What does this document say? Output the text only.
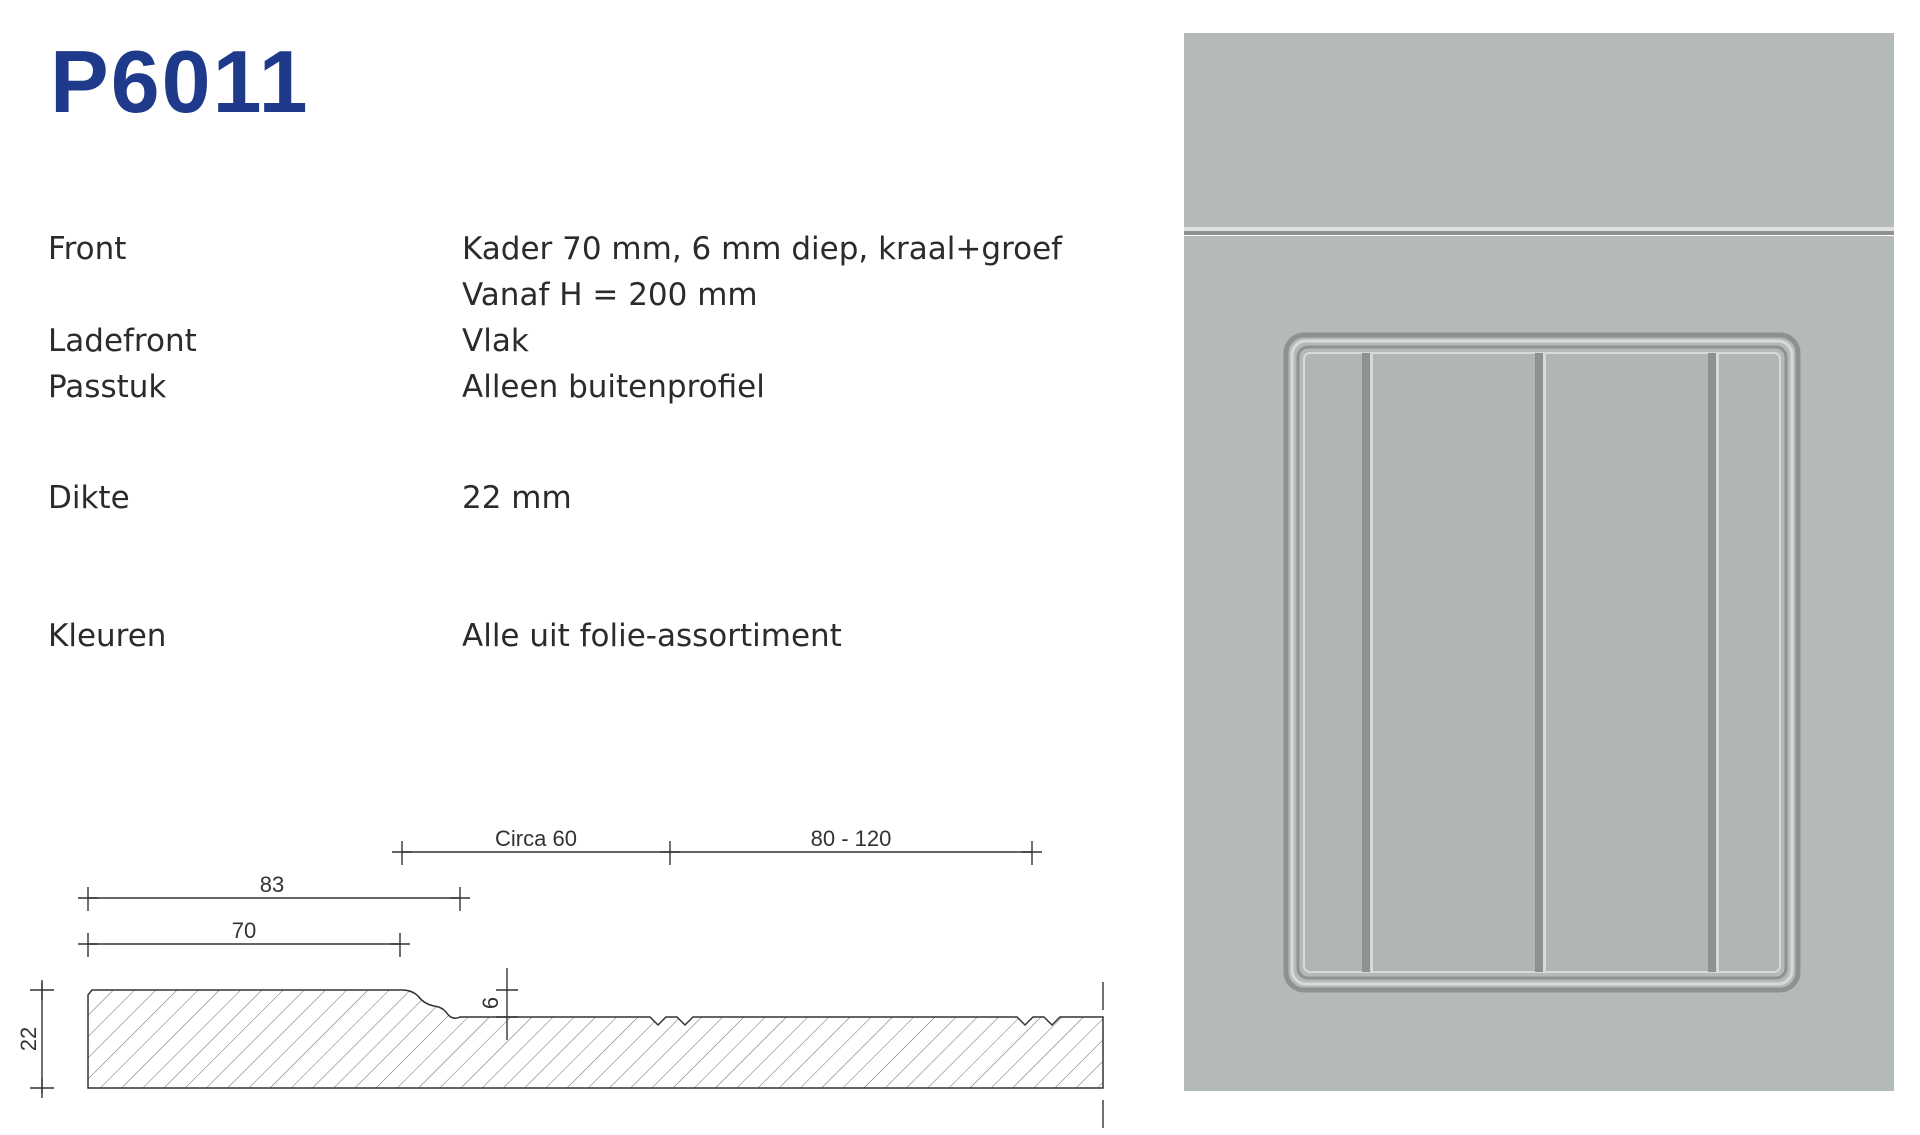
P6011
Front	Kader 70 mm, 6 mm diep, kraal+groef
Vanaf H = 200 mm
Ladefront	Vlak
Passtuk	Alleen buitenprofiel
Dikte	22 mm
Kleuren	Alle uit folie-assortiment
Circa 60	80 - 120
83
70
22
6
